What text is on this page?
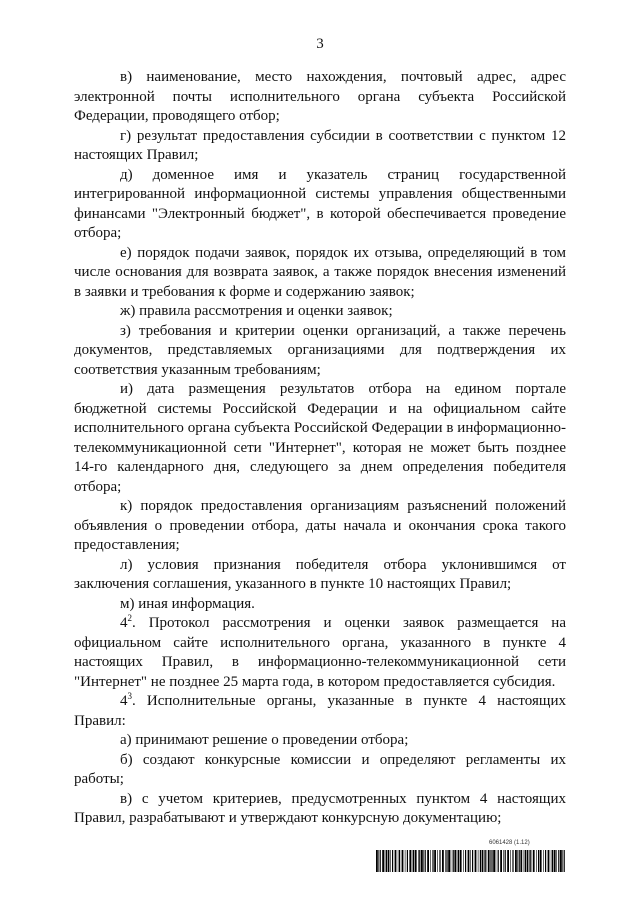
3

в) наименование, место нахождения, почтовый адрес, адрес электронной почты исполнительного органа субъекта Российской Федерации, проводящего отбор;

г) результат предоставления субсидии в соответствии с пунктом 12 настоящих Правил;

д) доменное имя и указатель страниц государственной интегрированной информационной системы управления общественными финансами "Электронный бюджет", в которой обеспечивается проведение отбора;

е) порядок подачи заявок, порядок их отзыва, определяющий в том числе основания для возврата заявок, а также порядок внесения изменений в заявки и требования к форме и содержанию заявок;

ж) правила рассмотрения и оценки заявок;

з) требования и критерии оценки организаций, а также перечень документов, представляемых организациями для подтверждения их соответствия указанным требованиям;

и) дата размещения результатов отбора на едином портале бюджетной системы Российской Федерации и на официальном сайте исполнительного органа субъекта Российской Федерации в информационно-телекоммуникационной сети "Интернет", которая не может быть позднее 14-го календарного дня, следующего за днем определения победителя отбора;

к) порядок предоставления организациям разъяснений положений объявления о проведении отбора, даты начала и окончания срока такого предоставления;

л) условия признания победителя отбора уклонившимся от заключения соглашения, указанного в пункте 10 настоящих Правил;

м) иная информация.

$4^2$. Протокол рассмотрения и оценки заявок размещается на официальном сайте исполнительного органа, указанного в пункте 4 настоящих Правил, в информационно-телекоммуникационной сети "Интернет" не позднее 25 марта года, в котором предоставляется субсидия.

$4^3$. Исполнительные органы, указанные в пункте 4 настоящих Правил:

а) принимают решение о проведении отбора;

б) создают конкурсные комиссии и определяют регламенты их работы;

в) с учетом критериев, предусмотренных пунктом 4 настоящих Правил, разрабатывают и утверждают конкурсную документацию;

6061428 (1.12)
